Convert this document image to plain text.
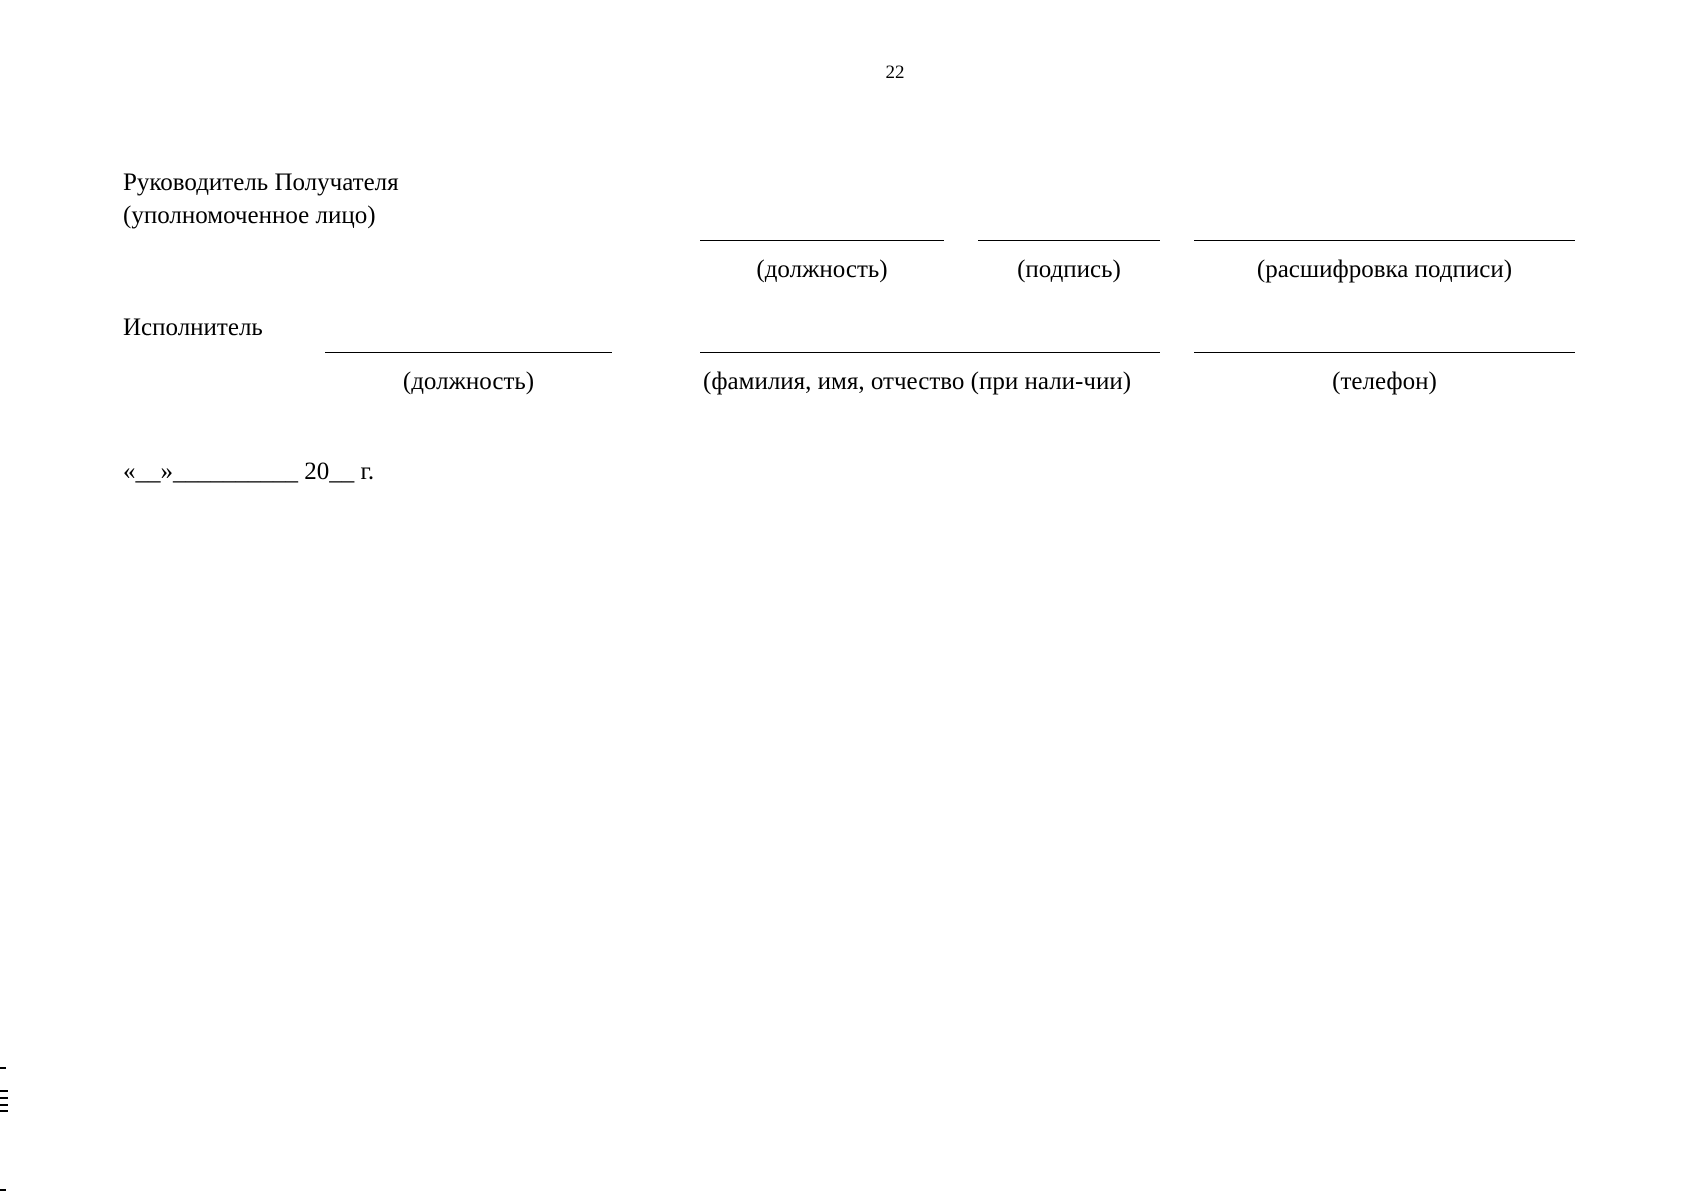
22
Руководитель Получателя
(уполномоченное лицо)
(должность)	(подпись)	(расшифровка подписи)
Исполнитель
(должность)	(фамилия, имя, отчество (при нали-чии)	(телефон)
«__»__________ 20__ г.
